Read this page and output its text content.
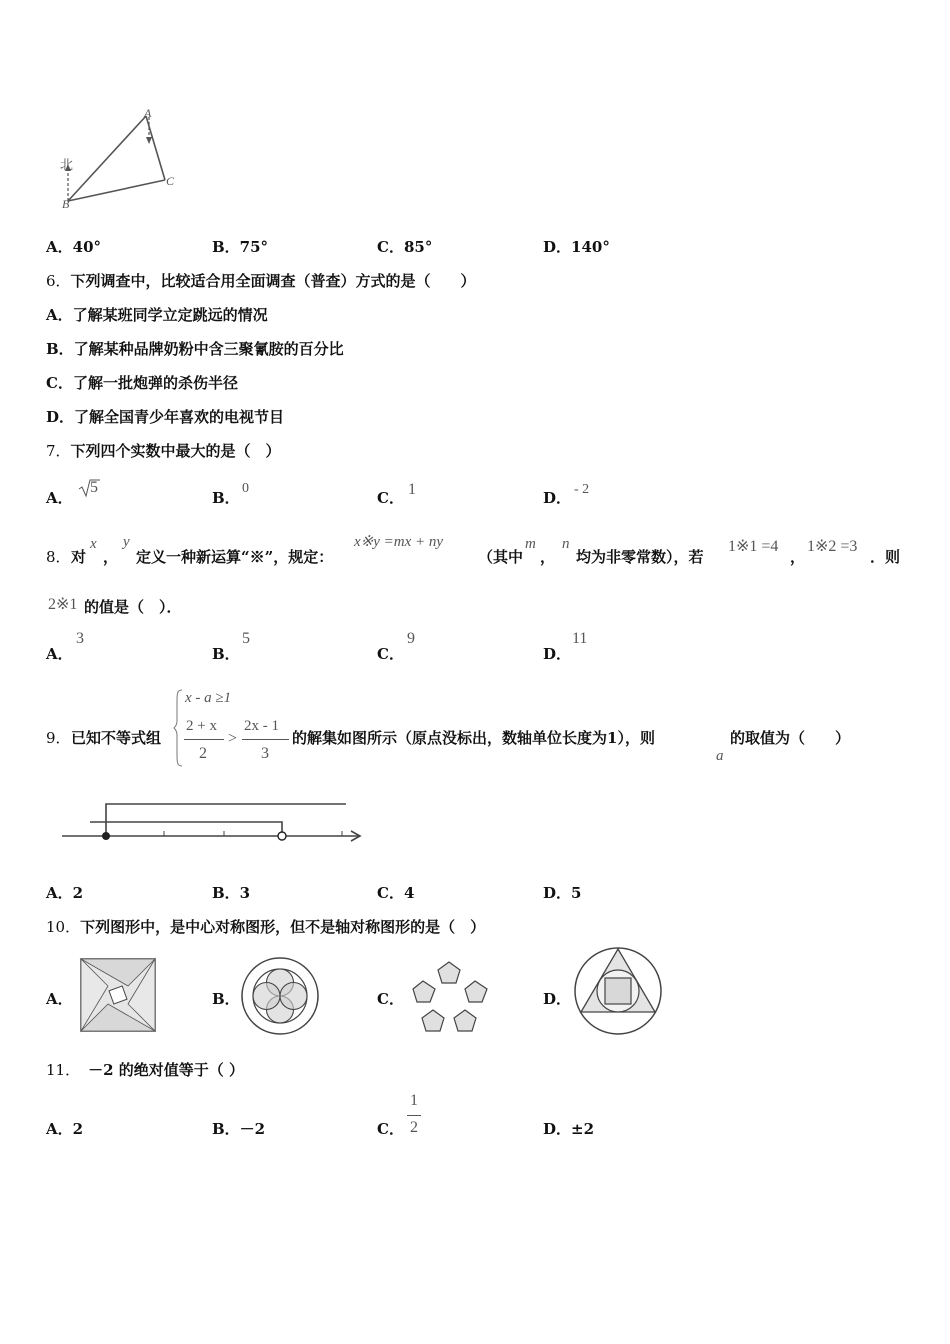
北
A
B
C
A．40°	B．75°	C．85°	D．140°
6．下列调查中，比较适合用全面调查（普查）方式的是（　　）
A．了解某班同学立定跳远的情况
B．了解某种品牌奶粉中含三聚氰胺的百分比
C．了解一批炮弹的杀伤半径
D．了解全国青少年喜欢的电视节目
7．下列四个实数中最大的是（　）
A．
5
B．
0
C． 1	D． - 2
8． 对
x
，
y
定义一种新运算“※”，规定：
x※y =mx + ny
（其中
m
，
n
均为非零常数），若
1※1 =4
，
1※2 =3
．则
2※1 的值是（　）．
A．
3
B．
5
C．
9
D．
11
9． 已知不等式组
x - a ≥1
2 + x
2
>
2x - 1
3
的解集如图所示（原点没标出，数轴单位长度为1），则
a
的取值为（　　）
A．2	B．3	C．4	D．5
10．下列图形中，是中心对称图形，但不是轴对称图形的是（　）
A．	B．	C．	D．
11． －2 的绝对值等于（ ）
A．2	B．－2	C．
1
2	D．±2
